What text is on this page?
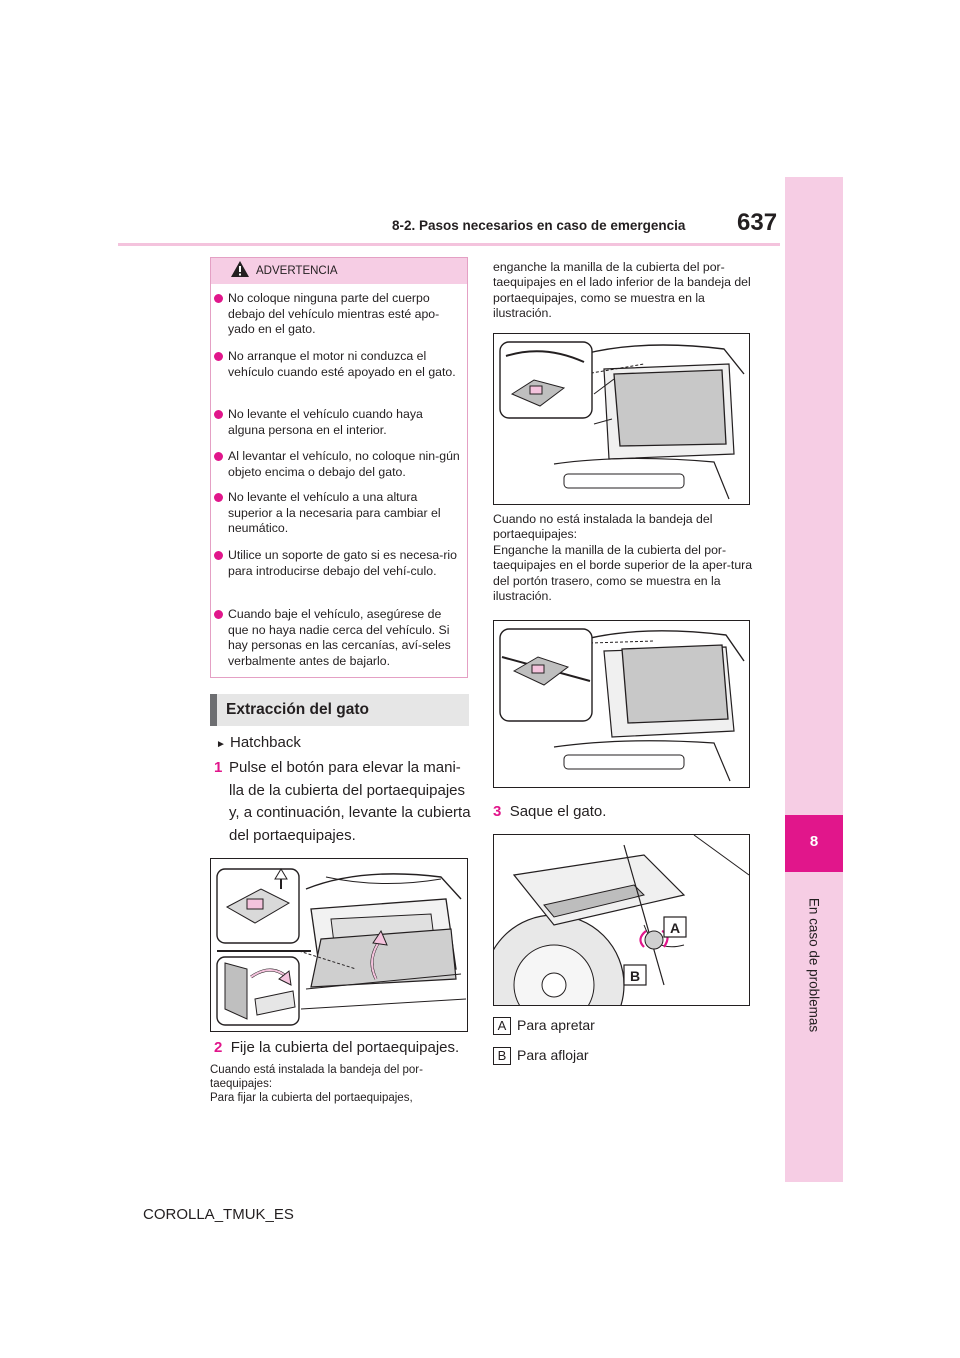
8-2. Pasos necesarios en caso de emergencia 637
8
En caso de problemas
ADVERTENCIA
No coloque ninguna parte del cuerpo debajo del vehículo mientras esté apo-yado en el gato.
No arranque el motor ni conduzca el vehículo cuando esté apoyado en el gato.
No levante el vehículo cuando haya alguna persona en el interior.
Al levantar el vehículo, no coloque nin-gún objeto encima o debajo del gato.
No levante el vehículo a una altura superior a la necesaria para cambiar el neumático.
Utilice un soporte de gato si es necesa-rio para introducirse debajo del vehí-culo.
Cuando baje el vehículo, asegúrese de que no haya nadie cerca del vehículo. Si hay personas en las cercanías, aví-seles verbalmente antes de bajarlo.
Extracción del gato
► Hatchback
1 Pulse el botón para elevar la mani-lla de la cubierta del portaequipajes y, a continuación, levante la cubierta del portaequipajes.
2 Fije la cubierta del portaequipajes.
Cuando está instalada la bandeja del por-taequipajes:
Para fijar la cubierta del portaequipajes,
enganche la manilla de la cubierta del por-taequipajes en el lado inferior de la bandeja del portaequipajes, como se muestra en la ilustración.
Cuando no está instalada la bandeja del portaequipajes:
Enganche la manilla de la cubierta del por-taequipajes en el borde superior de la aper-tura del portón trasero, como se muestra en la ilustración.
3 Saque el gato.
A
B
A Para apretar
B Para aflojar
COROLLA_TMUK_ES
